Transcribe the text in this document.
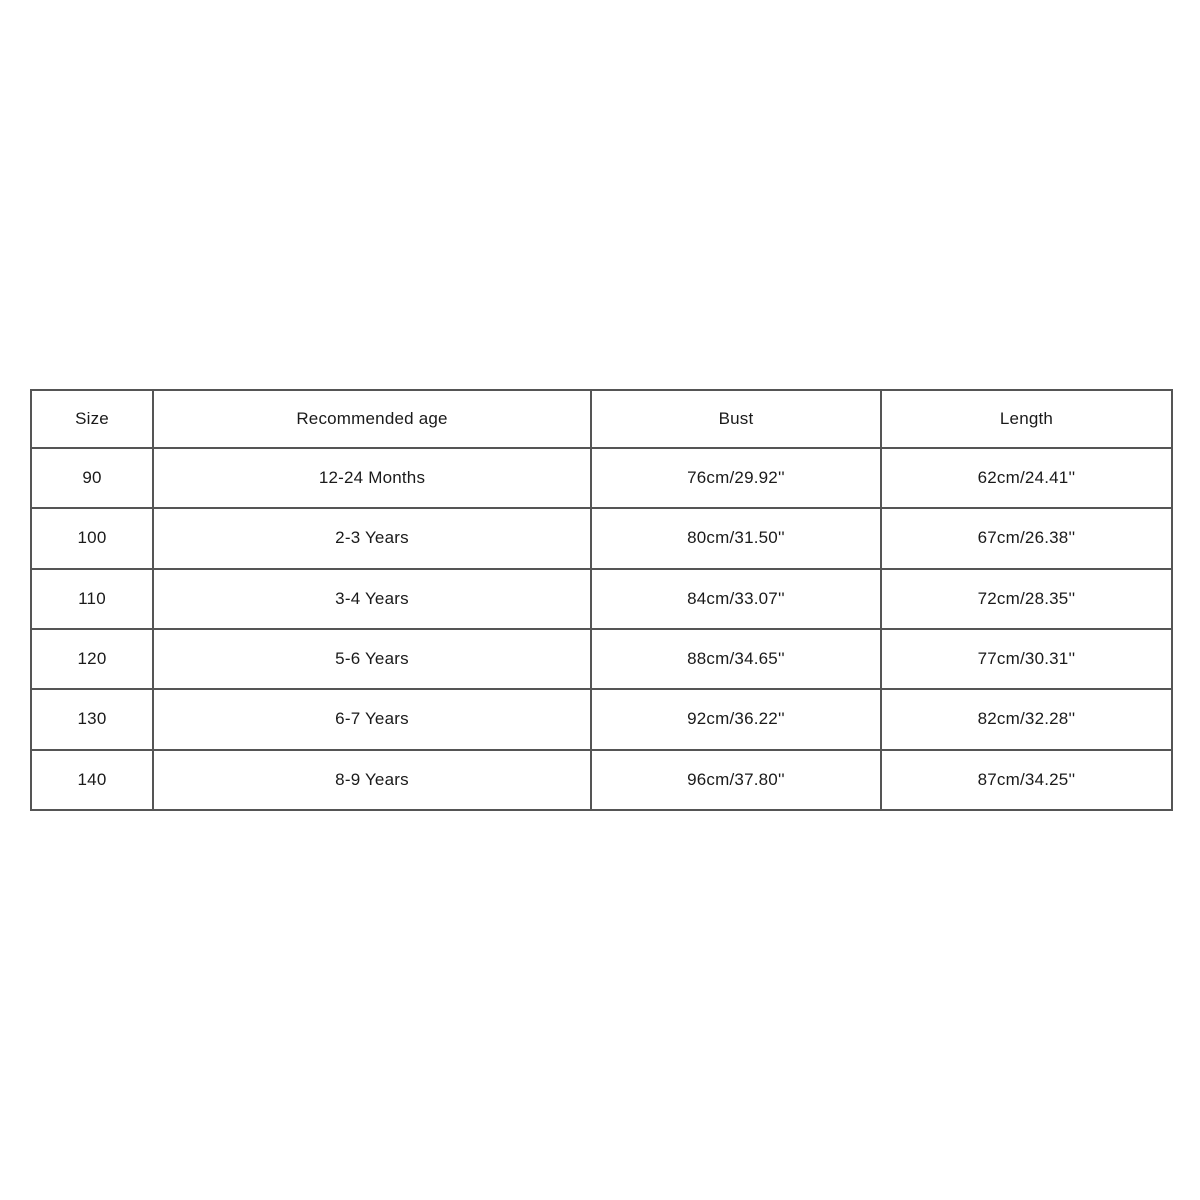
Size	Recommended age	Bust	Length
90	12-24 Months	76cm/29.92''	62cm/24.41''
100	2-3 Years	80cm/31.50''	67cm/26.38''
110	3-4 Years	84cm/33.07''	72cm/28.35''
120	5-6 Years	88cm/34.65''	77cm/30.31''
130	6-7 Years	92cm/36.22''	82cm/32.28''
140	8-9 Years	96cm/37.80''	87cm/34.25''
